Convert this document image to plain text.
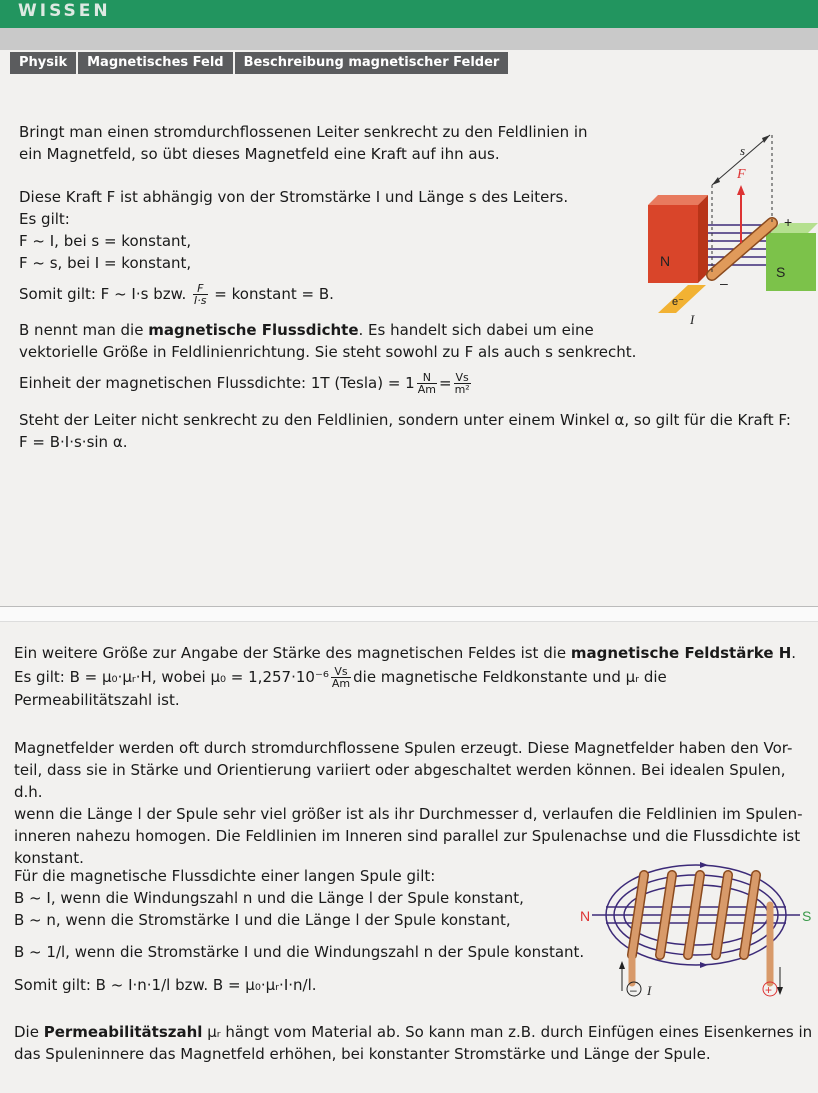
WISSEN
Physik	Magnetisches Feld	Beschreibung magnetischer Felder

Bringt man einen stromdurchflossenen Leiter senkrecht zu den Feldlinien in

ein Magnetfeld, so übt dieses Magnetfeld eine Kraft auf ihn aus.

Diese Kraft F ist abhängig von der Stromstärke I und Länge s des Leiters.

Es gilt:

F ~ I, bei s = konstant,

F ~ s, bei I = konstant,

Somit gilt: F ~ I·s bzw. $\frac{F}{I\cdot s}$ = konstant = B.

B nennt man die magnetische Flussdichte. Es handelt sich dabei um eine

vektorielle Größe in Feldlinienrichtung. Sie steht sowohl zu F als auch s senkrecht.

Einheit der magnetischen Flussdichte: 1T (Tesla) = $1 \frac{N}{Am} = \frac{Vs}{\text{m²}}$

Steht der Leiter nicht senkrecht zu den Feldlinien, sondern unter einem Winkel α, so gilt für die Kraft F:

F = B·I·s·sin α.

N
S
F
s
+
–
e⁻
I

Ein weitere Größe zur Angabe der Stärke des magnetischen Feldes ist die magnetische Feldstärke H.

Es gilt: B = μ₀·μᵣ·H, wobei $\mu_0 = 1,257\cdot 10^{-6} \frac{Vs}{Am}$ die magnetische Feldkonstante und μᵣ die

Permeabilitätszahl ist.

Magnetfelder werden oft durch stromdurchflossene Spulen erzeugt. Diese Magnetfelder haben den Vor-

teil, dass sie in Stärke und Orientierung variiert oder abgeschaltet werden können. Bei idealen Spulen, d.h.

wenn die Länge l der Spule sehr viel größer ist als ihr Durchmesser d, verlaufen die Feldlinien im Spulen-

inneren nahezu homogen. Die Feldlinien im Inneren sind parallel zur Spulenachse und die Flussdichte ist

konstant.

Für die magnetische Flussdichte einer langen Spule gilt:

B ~ I, wenn die Windungszahl n und die Länge l der Spule konstant,

B ~ n, wenn die Stromstärke I und die Länge l der Spule konstant,

B ~ 1/l, wenn die Stromstärke I und die Windungszahl n der Spule konstant.

Somit gilt: B ~ I·n·1/l bzw. B = μ₀·μᵣ·I·n/l.

Die Permeabilitätszahl μᵣ hängt vom Material ab. So kann man z.B. durch Einfügen eines Eisenkernes in

das Spuleninnere das Magnetfeld erhöhen, bei konstanter Stromstärke und Länge der Spule.

N	S
– I	+
